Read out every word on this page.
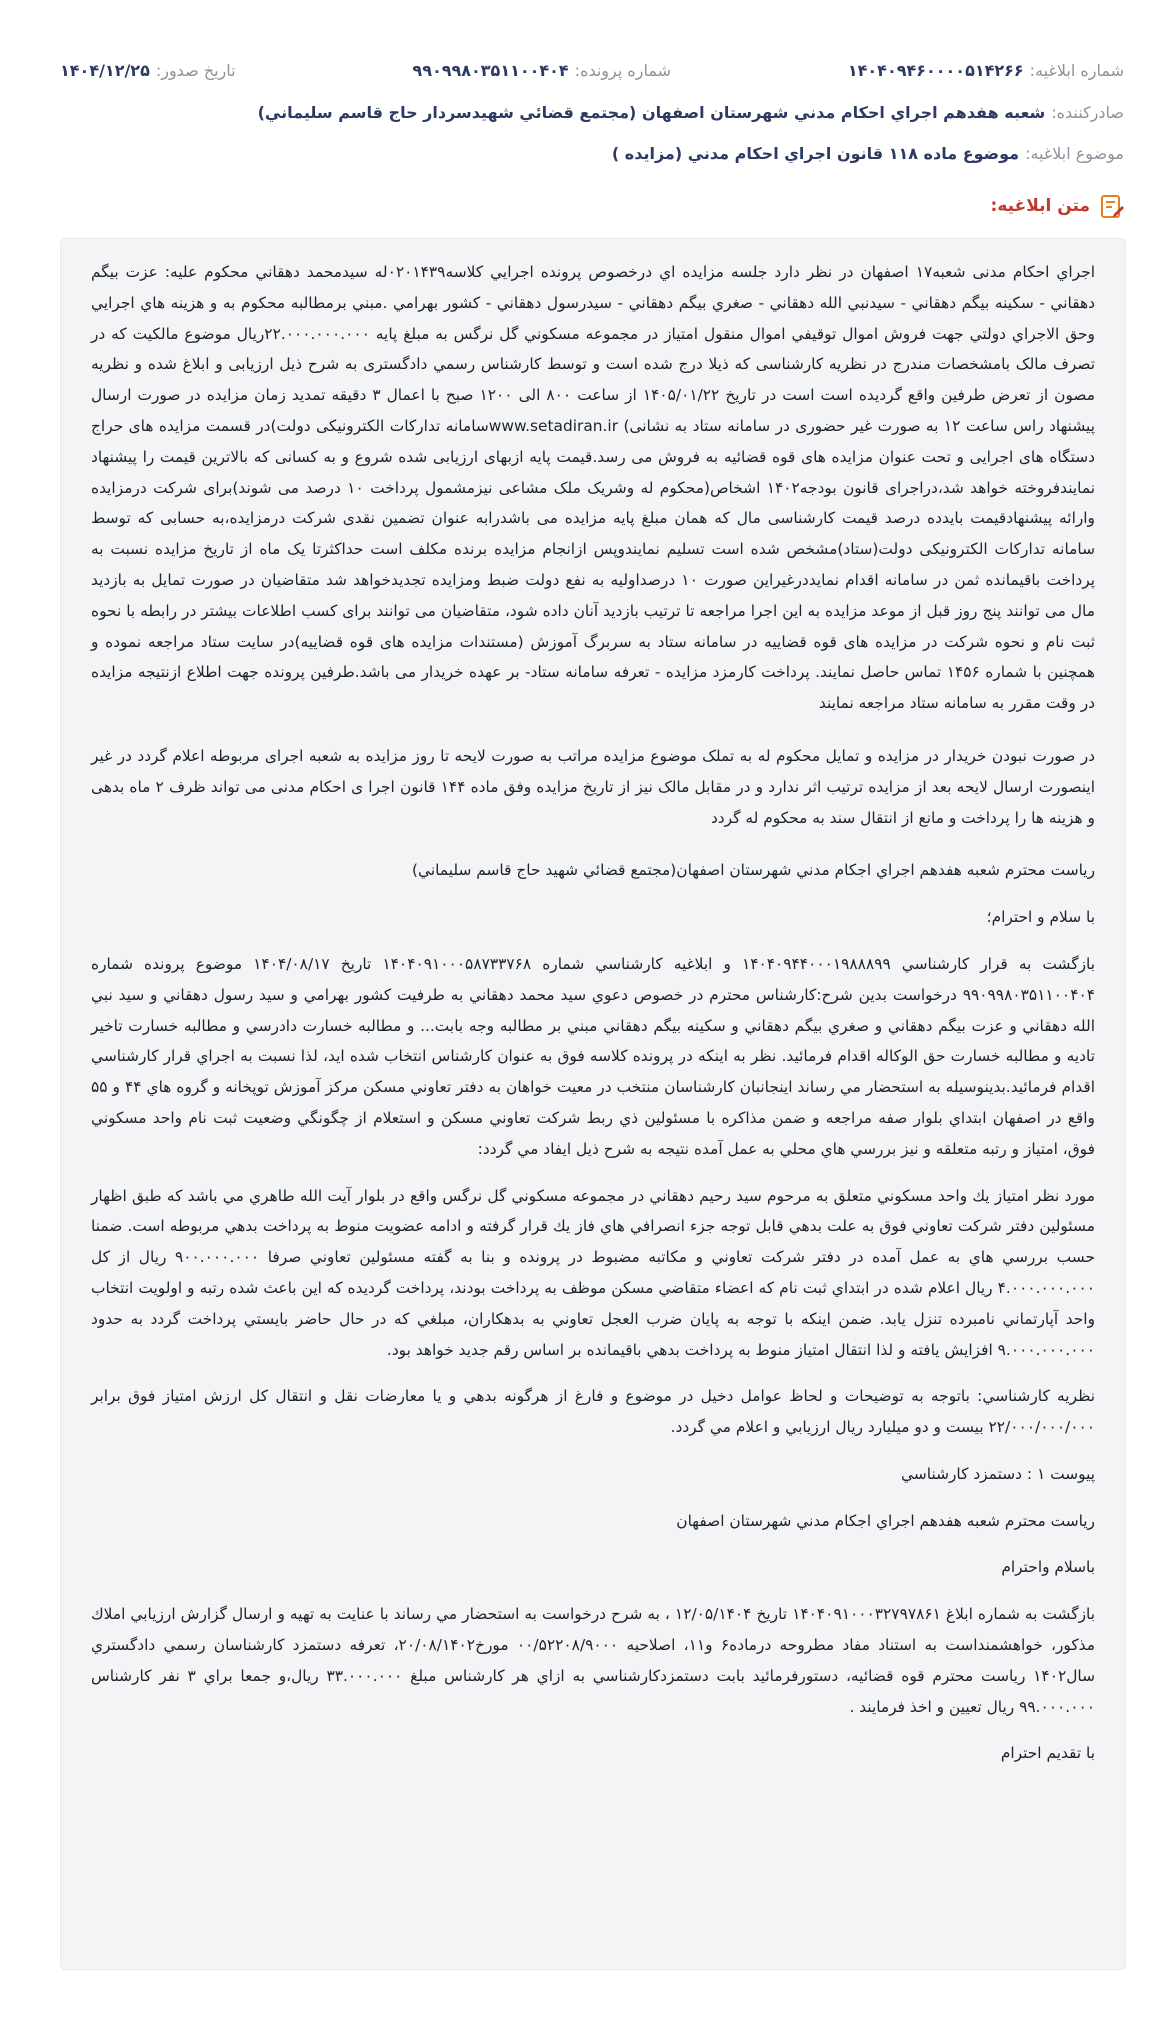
شماره ابلاغیه:
۱۴۰۴۰۹۴۶۰۰۰۰۵۱۴۲۶۶
شماره پرونده:
۹۹۰۹۹۸۰۳۵۱۱۰۰۴۰۴
تاریخ صدور:
۱۴۰۴/۱۲/۲۵
صادرکننده:
شعبه هفدهم اجراي احکام مدني شهرستان اصفهان (مجتمع قضائي شهيدسردار حاج قاسم سليماني)
موضوع ابلاغیه:
موضوع ماده ۱۱۸ قانون اجراي احکام مدني (مزايده )
متن ابلاغیه:

اجراي احکام مدنی شعبه۱۷ اصفهان در نظر دارد جلسه مزایده اي درخصوص پرونده اجرايي کلاسه۰۲۰۱۴۳۹له سیدمحمد دهقاني محکوم علیه: عزت بیگم دهقاني - سکینه بیگم دهقاني - سیدنبي الله دهقاني - صغري بيگم دهقاني - سيدرسول دهقاني - کشور بهرامي .مبني برمطالبه محکوم به و هزينه هاي اجرايي وحق الاجراي دولتي جهت فروش اموال توقيفي اموال منقول امتياز در مجموعه مسکوني گل نرگس به مبلغ پايه ۲۲.۰۰۰.۰۰۰.۰۰۰ريال موضوع مالکيت که در تصرف مالک بامشخصات مندرج در نظريه کارشناسی که ذيلا درج شده است و توسط کارشناس رسمي دادگستری به شرح ذيل ارزيابی و ابلاغ شده و نظريه مصون از تعرض طرفين واقع گرديده است است در تاريخ ۱۴۰۵/۰۱/۲۲ از ساعت ۸۰۰ الی ۱۲۰۰ صبح با اعمال ۳ دقیقه تمدید زمان مزایده در صورت ارسال پیشنهاد راس ساعت ۱۲ به صورت غیر حضوری در سامانه ستاد به نشانی) www.setadiran.irسامانه تدارکات الکترونیکی دولت)در قسمت مزایده های حراج دستگاه های اجرایی و تحت عنوان مزایده های قوه قضائیه به فروش می رسد.قیمت پایه ازبهای ارزیابی شده شروع و به کسانی که بالاترین قیمت را پیشنهاد نمایندفروخته خواهد شد،دراجرای قانون بودجه۱۴۰۲ اشخاص(محکوم له وشریک ملک مشاعی نیزمشمول پرداخت ۱۰ درصد می شوند)برای شرکت درمزایده وارائه پیشنهادقیمت بایدده درصد قیمت کارشناسی مال که همان مبلغ پایه مزایده می باشدرابه عنوان تضمین نقدی شرکت درمزایده،به حسابی که توسط سامانه تدارکات الکترونیکی دولت(ستاد)مشخص شده است تسلیم نمایندوپس ازانجام مزایده برنده مکلف است حداکثرتا یک ماه از تاریخ مزایده نسبت به پرداخت باقیمانده ثمن در سامانه اقدام نمایددرغیراین صورت ۱۰ درصداولیه به نفع دولت ضبط ومزایده تجدیدخواهد شد متقاضیان در صورت تمایل به بازدید مال می توانند پنج روز قبل از موعد مزایده به این اجرا مراجعه تا ترتیب بازدید آنان داده شود، متقاضیان می توانند برای کسب اطلاعات بیشتر در رابطه با نحوه ثبت نام و نحوه شرکت در مزایده های قوه قضاییه در سامانه ستاد به سربرگ آموزش (مستندات مزایده های قوه قضاییه)در سایت ستاد مراجعه نموده و همچنین با شماره ۱۴۵۶ تماس حاصل نمایند. پرداخت کارمزد مزایده - تعرفه سامانه ستاد- بر عهده خریدار می باشد.طرفین پرونده جهت اطلاع ازنتیجه مزایده در وقت مقرر به سامانه ستاد مراجعه نمایند

در صورت نبودن خریدار در مزایده و تمایل محکوم له به تملک موضوع مزایده مراتب به صورت لایحه تا روز مزایده به شعبه اجرای مربوطه اعلام گردد در غیر اینصورت ارسال لایحه بعد از مزایده ترتیب اثر ندارد و در مقابل مالک نیز از تاریخ مزایده وفق ماده ۱۴۴ قانون اجرا ی احکام مدنی می تواند ظرف ۲ ماه بدهی و هزینه ها را پرداخت و مانع از انتقال سند به محکوم له گردد

رياست محترم شعبه هفدهم اجراي اجکام مدني شهرستان اصفهان(مجتمع قضائي شهيد حاج قاسم سليماني)

با سلام و احترام؛

بازگشت به قرار کارشناسي ۱۴۰۴۰۹۴۴۰۰۰۱۹۸۸۸۹۹ و ابلاغيه کارشناسي شماره ۱۴۰۴۰۹۱۰۰۰۵۸۷۳۳۷۶۸ تاريخ ۱۴۰۴/۰۸/۱۷ موضوع پرونده شماره ۹۹۰۹۹۸۰۳۵۱۱۰۰۴۰۴ درخواست بدين شرح:کارشناس محترم در خصوص دعوي سيد محمد دهقاني به طرفيت کشور بهرامي و سيد رسول دهقاني و سيد نبي الله دهقاني و عزت بيگم دهقاني و صغري بيگم دهقاني و سکينه بيگم دهقاني مبني بر مطالبه وجه بابت... و مطالبه خسارت دادرسي و مطالبه خسارت تاخير تاديه و مطالبه خسارت حق الوکاله اقدام فرمائيد. نظر به اينکه در پرونده کلاسه فوق به عنوان کارشناس انتخاب شده ايد، لذا نسبت به اجراي قرار کارشناسي اقدام فرمائيد.بدينوسيله به استحضار مي رساند اينجانبان کارشناسان منتخب در معيت خواهان به دفتر تعاوني مسکن مرکز آموزش توپخانه و گروه هاي ۴۴ و ۵۵ واقع در اصفهان ابتداي بلوار صفه مراجعه و ضمن مذاکره با مسئولين ذي ربط شرکت تعاوني مسکن و استعلام از چگونگي وضعيت ثبت نام واحد مسکوني فوق، امتياز و رتبه متعلقه و نيز بررسي هاي محلي به عمل آمده نتيجه به شرح ذيل ايفاد مي گردد:

مورد نظر امتياز يك واحد مسکوني متعلق به مرحوم سيد رحيم دهقاني در مجموعه مسکوني گل نرگس واقع در بلوار آيت الله طاهري مي باشد که طبق اظهار مسئولين دفتر شركت تعاوني فوق به علت بدهي قابل توجه جزء انصرافي هاي فاز يك قرار گرفته و ادامه عضويت منوط به پرداخت بدهي مربوطه است. ضمنا حسب بررسي هاي به عمل آمده در دفتر شرکت تعاوني و مکاتبه مضبوط در پرونده و بنا به گفته مسئولين تعاوني صرفا ۹۰۰.۰۰۰.۰۰۰ ريال از کل ۴.۰۰۰.۰۰۰.۰۰۰ ريال اعلام شده در ابتداي ثبت نام که اعضاء متقاضي مسکن موظف به پرداخت بودند، پرداخت گرديده که اين باعث شده رتبه و اولويت انتخاب واحد آپارتماني نامبرده تنزل يابد. ضمن اينکه با توجه به پايان ضرب العجل تعاوني به بدهکاران، مبلغي که در حال حاضر بايستي پرداخت گردد به حدود ۹.۰۰۰.۰۰۰.۰۰۰ افزايش يافته و لذا انتقال امتياز منوط به پرداخت بدهي باقيمانده بر اساس رقم جديد خواهد بود.

نظريه كارشناسي: باتوجه به توضيحات و لحاظ عوامل دخيل در موضوع و فارغ از هرگونه بدهي و يا معارضات نقل و انتقال كل ارزش امتياز فوق برابر ۲۲/۰۰۰/۰۰۰/۰۰۰ بيست و دو ميليارد ريال ارزيابي و اعلام مي گردد.

پيوست ۱ : دستمزد كارشناسي

رياست محترم شعبه هفدهم اجراي اجکام مدني شهرستان اصفهان

باسلام واحترام

بازگشت به شماره ابلاغ ۱۴۰۴۰۹۱۰۰۰۳۲۷۹۷۸۶۱ تاريخ ۱۲/۰۵/۱۴۰۴ ، به شرح درخواست به استحضار مي رساند با عنايت به تهيه و ارسال گزارش ارزيابي املاك مذكور، خواهشمنداست به استناد مفاد مطروحه درماده۶ و۱۱، اصلاحيه ۰۰/۵۲۲۰۸/۹۰۰۰ مورخ۲۰/۰۸/۱۴۰۲، تعرفه دستمزد كارشناسان رسمي دادگستري سال۱۴۰۲ رياست محترم قوه قضائيه، دستورفرمائيد بابت دستمزدكارشناسي به ازاي هر كارشناس مبلغ ۳۳.۰۰۰.۰۰۰ ريال،و جمعا براي ۳ نفر كارشناس ۹۹.۰۰۰.۰۰۰ ريال تعيين و اخذ فرمايند .

با تقديم احترام
